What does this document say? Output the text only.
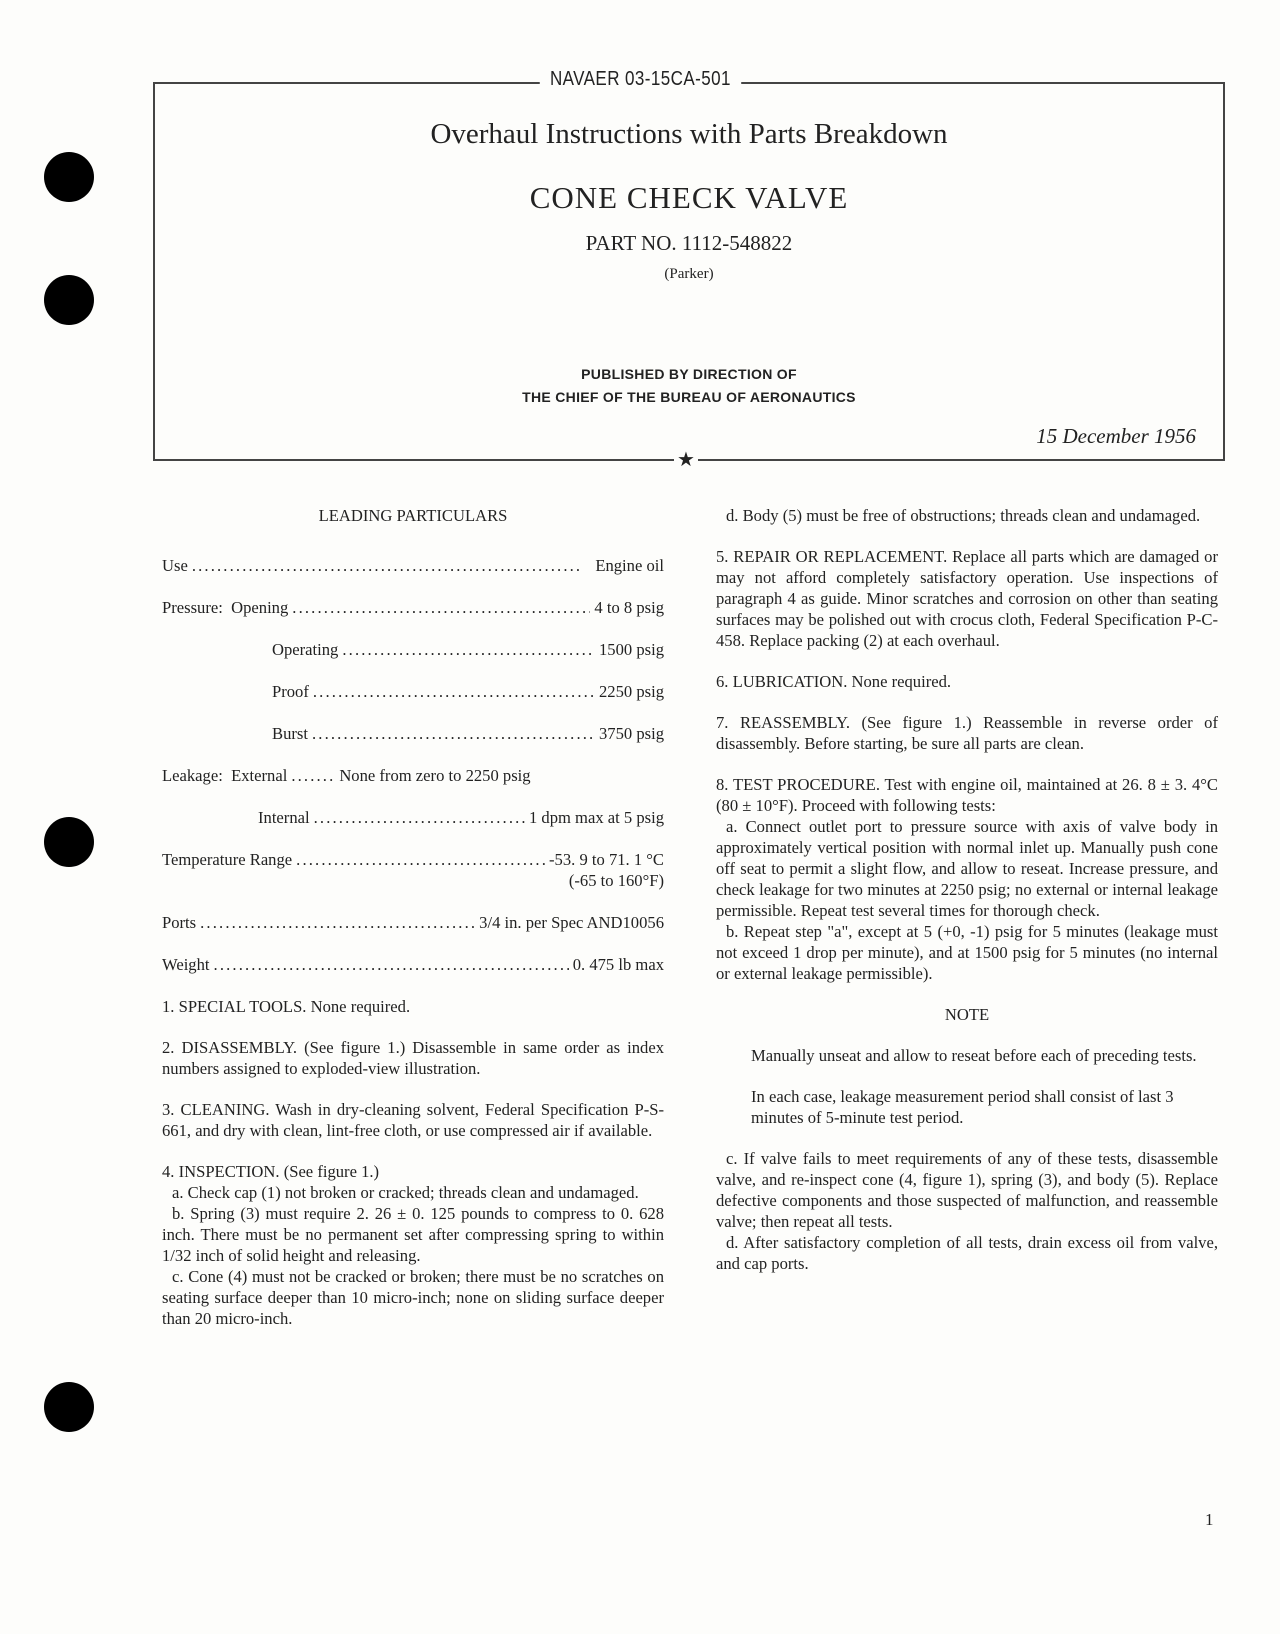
★
NAVAER 03-15CA-501
Overhaul Instructions with Parts Breakdown
CONE CHECK VALVE
PART NO. 1112-548822
(Parker)
PUBLISHED BY DIRECTION OF
THE CHIEF OF THE BUREAU OF AERONAUTICS
15 December 1956

LEADING PARTICULARS

Use . . .	Engine oil
Pressure:  Opening . . .	4 to 8 psig
Operating . . .	1500 psig
Proof . . .	2250 psig
Burst . . .	3750 psig
Leakage:  External . . .	None from zero to 2250 psig
Internal . . .	1 dpm max at 5 psig
Temperature Range . . .	-53. 9 to 71. 1 °C
(-65 to 160°F)
Ports . . .	3/4 in. per Spec AND10056
Weight . . .	0. 475 lb max

1. SPECIAL TOOLS. None required.

2. DISASSEMBLY. (See figure 1.) Disassemble in same order as index numbers assigned to exploded-view illustration.

3. CLEANING. Wash in dry-cleaning solvent, Federal Specification P-S-661, and dry with clean, lint-free cloth, or use compressed air if available.

4. INSPECTION. (See figure 1.)

a. Check cap (1) not broken or cracked; threads clean and undamaged.

b. Spring (3) must require 2. 26 ± 0. 125 pounds to compress to 0. 628 inch. There must be no permanent set after compressing spring to within 1/32 inch of solid height and releasing.

c. Cone (4) must not be cracked or broken; there must be no scratches on seating surface deeper than 10 micro-inch; none on sliding surface deeper than 20 micro-inch.

d. Body (5) must be free of obstructions; threads clean and undamaged.

5. REPAIR OR REPLACEMENT. Replace all parts which are damaged or may not afford completely satisfactory operation. Use inspections of paragraph 4 as guide. Minor scratches and corrosion on other than seating surfaces may be polished out with crocus cloth, Federal Specification P-C-458. Replace packing (2) at each overhaul.

6. LUBRICATION. None required.

7. REASSEMBLY. (See figure 1.) Reassemble in reverse order of disassembly. Before starting, be sure all parts are clean.

8. TEST PROCEDURE. Test with engine oil, maintained at 26. 8 ± 3. 4°C (80 ± 10°F). Proceed with following tests:

a. Connect outlet port to pressure source with axis of valve body in approximately vertical position with normal inlet up. Manually push cone off seat to permit a slight flow, and allow to reseat. Increase pressure, and check leakage for two minutes at 2250 psig; no external or internal leakage permissible. Repeat test several times for thorough check.

b. Repeat step "a", except at 5 (+0, -1) psig for 5 minutes (leakage must not exceed 1 drop per minute), and at 1500 psig for 5 minutes (no internal or external leakage permissible).

NOTE

Manually unseat and allow to reseat before each of preceding tests.

In each case, leakage measurement period shall consist of last 3 minutes of 5-minute test period.

c. If valve fails to meet requirements of any of these tests, disassemble valve, and re-inspect cone (4, figure 1), spring (3), and body (5). Replace defective components and those suspected of malfunction, and reassemble valve; then repeat all tests.

d. After satisfactory completion of all tests, drain excess oil from valve, and cap ports.

1
